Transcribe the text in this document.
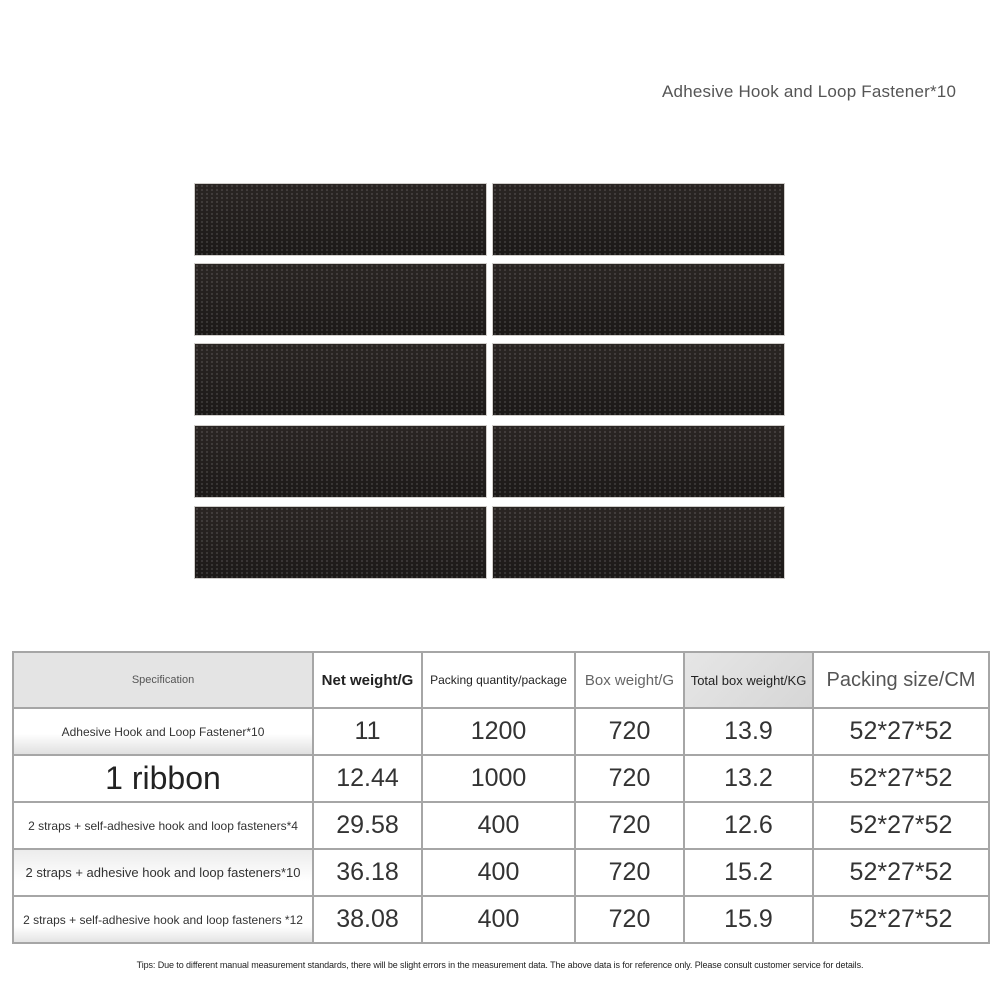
Adhesive Hook and Loop Fastener*10
Specification	Net weight/G	Packing quantity/package	Box weight/G	Total box weight/KG	Packing size/CM
Adhesive Hook and Loop Fastener*10	11	1200	720	13.9	52*27*52
1 ribbon	12.44	1000	720	13.2	52*27*52
2 straps + self-adhesive hook and loop fasteners*4	29.58	400	720	12.6	52*27*52
2 straps + adhesive hook and loop fasteners*10	36.18	400	720	15.2	52*27*52
2 straps + self-adhesive hook and loop fasteners *12	38.08	400	720	15.9	52*27*52
Tips: Due to different manual measurement standards, there will be slight errors in the measurement data. The above data is for reference only. Please consult customer service for details.
